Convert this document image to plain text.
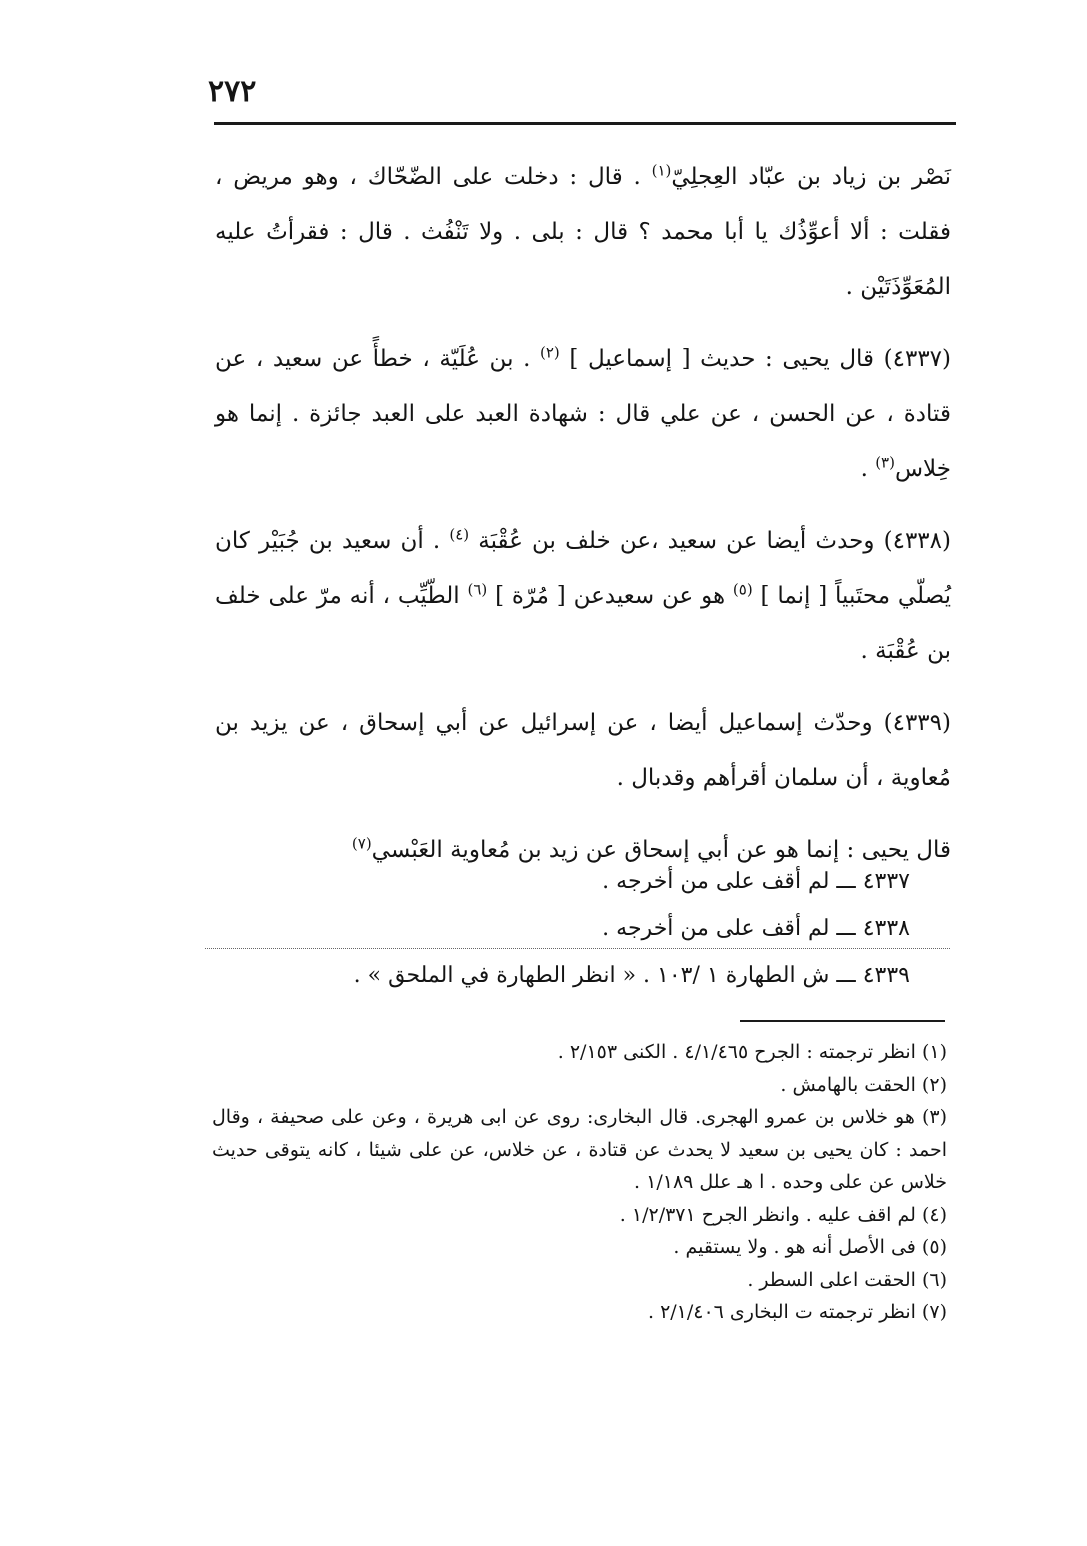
٢٧٢

نَصْر بن زياد بن عبّاد العِجلِيّ$^{(١)}$ . قال : دخلت على الضّحّاك ، وهو مريض ، فقلت : ألا أعوِّذُك يا أبا محمد ؟ قال : بلى . ولا تَنْفُث . قال : فقرأتُ عليه المُعَوِّذَتَيْن .

(٤٣٣٧) قال يحيى : حديث [ إسماعيل ] $^{(٢)}$ . بن عُلَيّة ، خطأً عن سعيد ، عن قتادة ، عن الحسن ، عن علي قال : شهادة العبد على العبد جائزة . إنما هو خِلاس$^{(٣)}$ .

(٤٣٣٨) وحدث أيضا عن سعيد ،عن خلف بن عُقْبَة $^{(٤)}$ . أن سعيد بن جُبَيْر كان يُصلّي محتَبياً [ إنما ] $^{(٥)}$ هو عن سعيدعن [ مُرّة ] $^{(٦)}$ الطّيِّب ، أنه مرّ على خلف بن عُقْبَة .

(٤٣٣٩) وحدّث إسماعيل أيضا ، عن إسرائيل عن أبي إسحاق ، عن يزيد بن مُعاوية ، أن سلمان أقرأهم وقدبال .

قال يحيى : إنما هو عن أبي إسحاق عن زيد بن مُعاوية العَبْسي$^{(٧)}$

٤٣٣٧ ـــ لم أقف على من أخرجه .
٤٣٣٨ ـــ لم أقف على من أخرجه .
٤٣٣٩ ـــ ش الطهارة ١ /١٠٣ . « انظر الطهارة في الملحق » .

(١) انظر ترجمته : الجرح ٤/١/٤٦٥ . الكنى ٢/١٥٣ .

(٢) الحقت بالهامش .

(٣) هو خلاس بن عمرو الهجرى. قال البخارى: روى عن ابى هريرة ، وعن على صحيفة ، وقال احمد : كان يحيى بن سعيد لا يحدث عن قتادة ، عن خلاس، عن على شيئا ، كانه يتوقى حديث خلاس عن على وحده . ا هـ علل ١/١٨٩ .

(٤) لم اقف عليه . وانظر الجرح ١/٢/٣٧١ .

(٥) فى الأصل أنه هو . ولا يستقيم .

(٦) الحقت اعلى السطر .

(٧) انظر ترجمته ت البخارى ٢/١/٤٠٦ .
